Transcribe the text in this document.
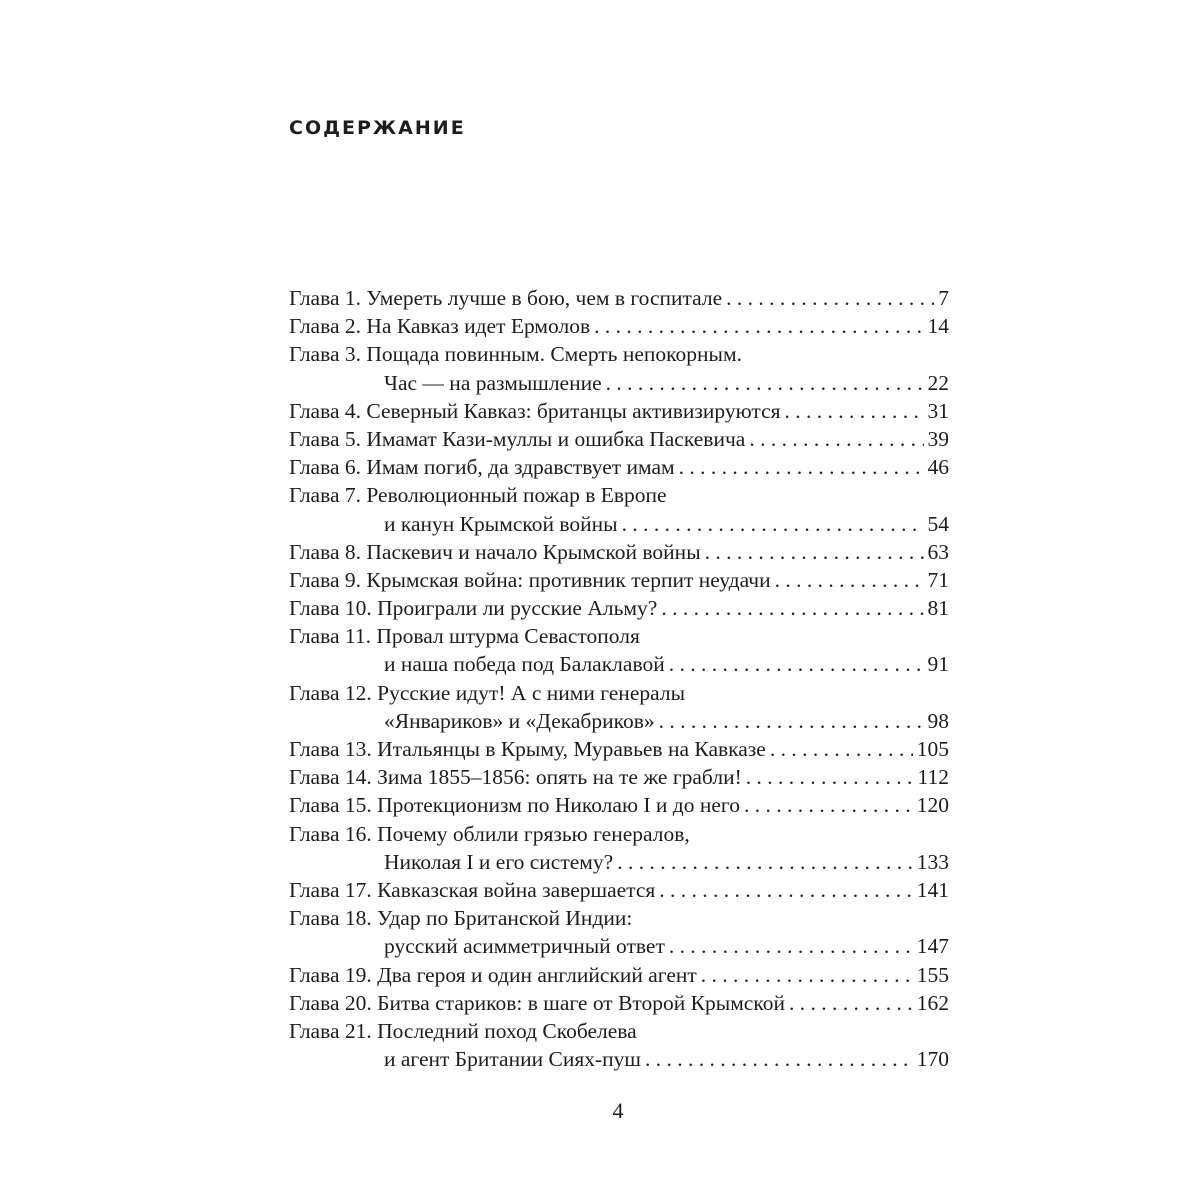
СОДЕРЖАНИЕ
Глава 1.
Умереть лучше в бою, чем в госпитале . . .	7
Глава 2.
На Кавказ идет Ермолов . . .	14
Глава 3.
Пощада повинным. Смерть непокорным.
Час — на размышление . . .	22
Глава 4.
Северный Кавказ: британцы активизируются . . .	31
Глава 5.
Имамат Кази-муллы и ошибка Паскевича . . .	39
Глава 6.
Имам погиб, да здравствует имам . . .	46
Глава 7.
Революционный пожар в Европе
и канун Крымской войны . . .	54
Глава 8.
Паскевич и начало Крымской войны . . .	63
Глава 9.
Крымская война: противник терпит неудачи . . .	71
Глава 10.
Проиграли ли русские Альму? . . .	81
Глава 11.
Провал штурма Севастополя
и наша победа под Балаклавой . . .	91
Глава 12.
Русские идут! А с ними генералы
«Январиков» и «Декабриков» . . .	98
Глава 13.
Итальянцы в Крыму, Муравьев на Кавказе . . .	105
Глава 14.
Зима 1855–1856: опять на те же грабли! . . .	112
Глава 15.
Протекционизм по Николаю I и до него . . .	120
Глава 16.
Почему облили грязью генералов,
Николая I и его систему? . . .	133
Глава 17.
Кавказская война завершается . . .	141
Глава 18.
Удар по Британской Индии:
русский асимметричный ответ . . .	147
Глава 19.
Два героя и один английский агент . . .	155
Глава 20.
Битва стариков: в шаге от Второй Крымской . . .	162
Глава 21.
Последний поход Скобелева
и агент Британии Сиях-пуш . . .	170
4
